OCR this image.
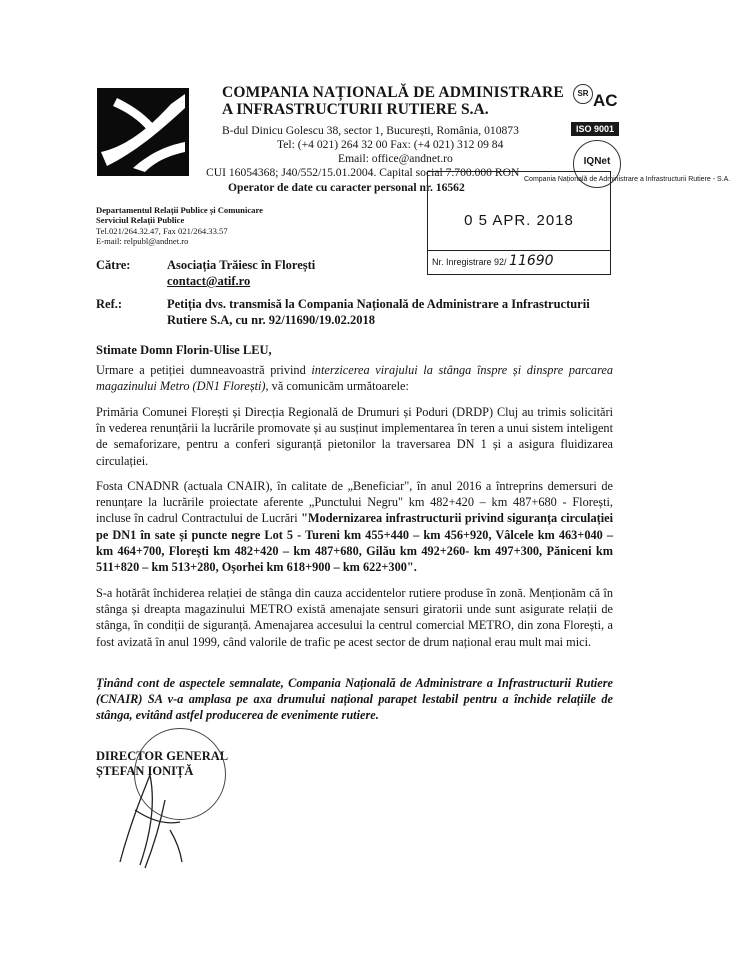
COMPANIA NAȚIONALĂ DE ADMINISTRARE
A INFRASTRUCTURII RUTIERE S.A.
B-dul Dinicu Golescu 38, sector 1, București, România, 010873
Tel: (+4 021) 264 32 00 Fax: (+4 021) 312 09 84
Email: office@andnet.ro
CUI 16054368; J40/552/15.01.2004. Capital social 7.700.000 RON
Operator de date cu caracter personal nr. 16562
SR AC
ISO 9001
IQNet
Departamentul Relații Publice și Comunicare
Serviciul Relații Publice
Tel.021/264.32.47, Fax 021/264.33.57
E-mail: relpubl@andnet.ro
Compania Națională de Administrare a Infrastructurii Rutiere - S.A.
0 5 APR. 2018
Nr. Inregistrare 92/ 11690
Către:	Asociația Trăiesc în Florești
contact@atif.ro
Ref.:	Petiția dvs. transmisă la Compania Națională de Administrare a Infrastructurii
Rutiere S.A, cu nr. 92/11690/19.02.2018
Stimate Domn Florin-Ulise LEU,
Urmare a petiției dumneavoastră privind interzicerea virajului la stânga înspre și dinspre parcarea magazinului Metro (DN1 Florești), vă comunicăm următoarele:
Primăria Comunei Florești și Direcția Regională de Drumuri și Poduri (DRDP) Cluj au trimis solicitări în vederea renunțării la lucrările promovate și au susținut implementarea în teren a unui sistem inteligent de semaforizare, pentru a conferi siguranță pietonilor la traversarea DN 1 și a asigura fluidizarea circulației.
Fosta CNADNR (actuala CNAIR), în calitate de „Beneficiar", în anul 2016 a întreprins demersuri de renunțare la lucrările proiectate aferente „Punctului Negru" km 482+420 – km 487+680 - Florești, incluse în cadrul Contractului de Lucrări "Modernizarea infrastructurii privind siguranța circulației pe DN1 în sate și puncte negre Lot 5 - Tureni km 455+440 – km 456+920, Vâlcele km 463+040 – km 464+700, Florești km 482+420 – km 487+680, Gilău km 492+260- km 497+300, Păniceni km 511+820 – km 513+280, Oșorhei km 618+900 – km 622+300".
S-a hotărât închiderea relației de stânga din cauza accidentelor rutiere produse în zonă. Menționăm că în stânga și dreapta magazinului METRO există amenajate sensuri giratorii unde sunt asigurate relații de stânga, în condiții de siguranță. Amenajarea accesului la centrul comercial METRO, din zona Florești, a fost avizată în anul 1999, când valorile de trafic pe acest sector de drum național erau mult mai mici.
Ținând cont de aspectele semnalate, Compania Națională de Administrare a Infrastructurii Rutiere (CNAIR) SA v-a amplasa pe axa drumului național parapet lestabil pentru a închide relațiile de stânga, evitând astfel producerea de evenimente rutiere.
DIRECTOR GENERAL
ȘTEFAN IONIȚĂ
